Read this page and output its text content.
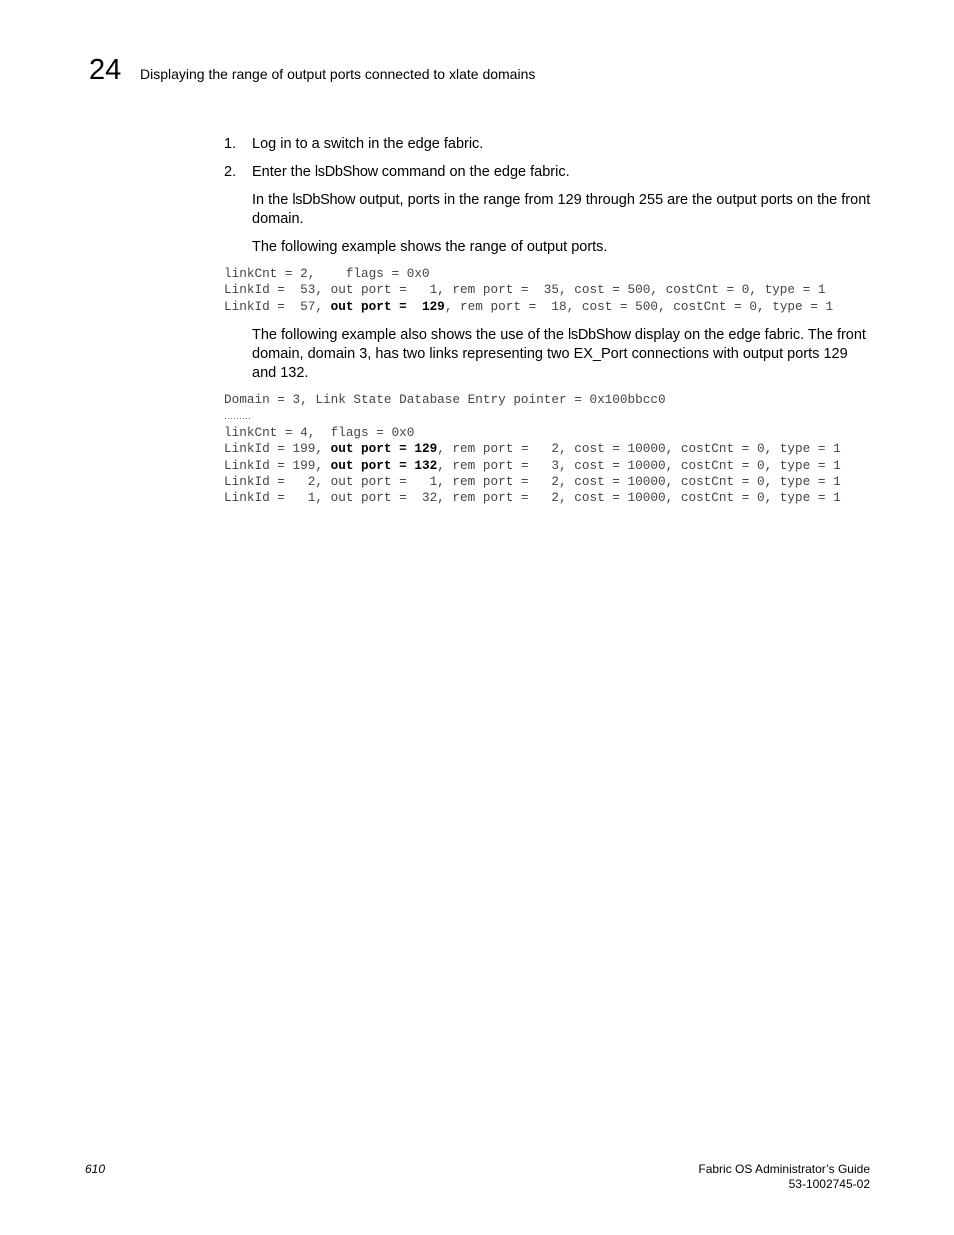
24 Displaying the range of output ports connected to xlate domains
1. Log in to a switch in the edge fabric.
2. Enter the lsDbShow command on the edge fabric.
In the lsDbShow output, ports in the range from 129 through 255 are the output ports on the front domain.
The following example shows the range of output ports.
linkCnt = 2,    flags = 0x0
LinkId =  53, out port =   1, rem port =  35, cost = 500, costCnt = 0, type = 1
LinkId =  57, out port =  129, rem port =  18, cost = 500, costCnt = 0, type = 1
The following example also shows the use of the lsDbShow display on the edge fabric. The front domain, domain 3, has two links representing two EX_Port connections with output ports 129 and 132.
Domain = 3, Link State Database Entry pointer = 0x100bbcc0
………
linkCnt = 4,  flags = 0x0
LinkId = 199, out port = 129, rem port =   2, cost = 10000, costCnt = 0, type = 1
LinkId = 199, out port = 132, rem port =   3, cost = 10000, costCnt = 0, type = 1
LinkId =   2, out port =   1, rem port =   2, cost = 10000, costCnt = 0, type = 1
LinkId =   1, out port =  32, rem port =   2, cost = 10000, costCnt = 0, type = 1
610	Fabric OS Administrator’s Guide
53-1002745-02
